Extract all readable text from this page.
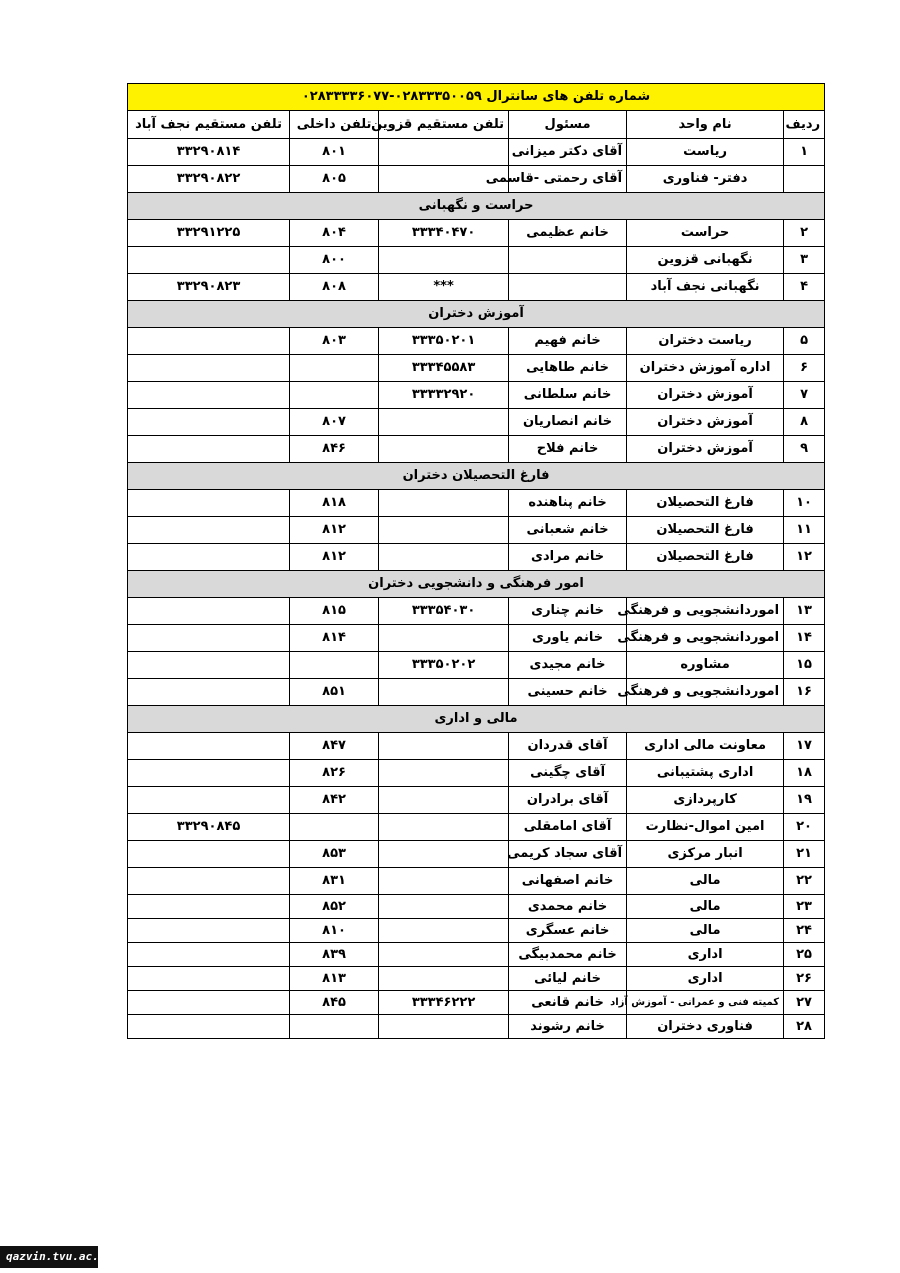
شماره تلفن های سانترال ۰۲۸۳۳۳۵۰۰۵۹-۰۲۸۳۳۳۳۶۰۷۷					
ردیف	نام واحد	مسئول	تلفن مستقیم قزوین	تلفن داخلی	تلفن مستقیم نجف آباد
۱	ریاست	آقای دکتر میزانی		۸۰۱	۳۳۲۹۰۸۱۴
	دفتر- فناوری	آقای رحمتی -قاسمی		۸۰۵	۳۳۲۹۰۸۲۲
حراست و نگهبانی					
۲	حراست	خانم عظیمی	۳۳۳۴۰۴۷۰	۸۰۴	۳۳۲۹۱۲۲۵
۳	نگهبانی قزوین			۸۰۰	
۴	نگهبانی نجف آباد		***	۸۰۸	۳۳۲۹۰۸۲۳
آموزش دختران					
۵	ریاست دختران	خانم فهیم	۳۳۳۵۰۲۰۱	۸۰۳	
۶	اداره آموزش دختران	خانم طاهایی	۳۳۳۴۵۵۸۳		
۷	آموزش دختران	خانم سلطانی	۳۳۳۳۲۹۲۰		
۸	آموزش دختران	خانم انصاریان		۸۰۷	
۹	آموزش دختران	خانم فلاح		۸۴۶	
فارغ التحصیلان دختران					
۱۰	فارغ التحصیلان	خانم پناهنده		۸۱۸	
۱۱	فارغ التحصیلان	خانم شعبانی		۸۱۲	
۱۲	فارغ التحصیلان	خانم مرادی		۸۱۲	
امور فرهنگی و دانشجویی دختران					
۱۳	اموردانشجویی و فرهنگی	خانم چناری	۳۳۳۵۴۰۳۰	۸۱۵	
۱۴	اموردانشجویی و فرهنگی	خانم یاوری		۸۱۴	
۱۵	مشاوره	خانم مجیدی	۳۳۳۵۰۲۰۲		
۱۶	اموردانشجویی و فرهنگی	خانم حسینی		۸۵۱	
مالی و اداری					
۱۷	معاونت مالی اداری	آقای قدردان		۸۴۷	
۱۸	اداری پشتیبانی	آقای چگینی		۸۲۶	
۱۹	کارپردازی	آقای برادران		۸۴۲	
۲۰	امین اموال-نظارت	آقای امامقلی			۳۳۲۹۰۸۴۵
۲۱	انبار مرکزی	آقای سجاد کریمی		۸۵۳	
۲۲	مالی	خانم اصفهانی		۸۳۱	
۲۳	مالی	خانم محمدی		۸۵۲	
۲۴	مالی	خانم عسگری		۸۱۰	
۲۵	اداری	خانم محمدبیگی		۸۳۹	
۲۶	اداری	خانم لیائی		۸۱۳	
۲۷	کمیته فنی و عمرانی - آموزش آزاد	خانم قانعی	۳۳۳۴۶۲۲۲	۸۴۵	
۲۸	فناوری دختران	خانم رشوند			
qazvin.tvu.ac.ir
